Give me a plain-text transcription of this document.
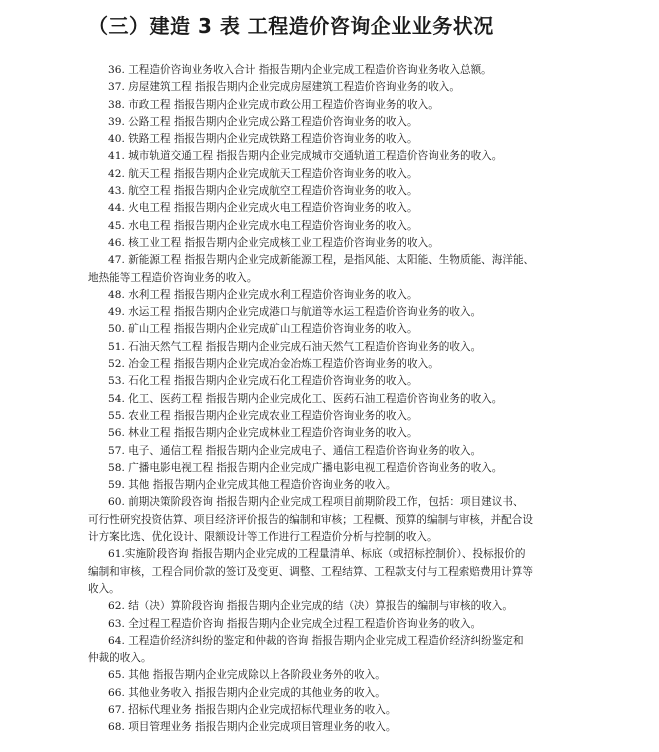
（三）建造 3 表 工程造价咨询企业业务状况
36. 工程造价咨询业务收入合计 指报告期内企业完成工程造价咨询业务收入总额。
37. 房屋建筑工程 指报告期内企业完成房屋建筑工程造价咨询业务的收入。
38. 市政工程 指报告期内企业完成市政公用工程造价咨询业务的收入。
39. 公路工程 指报告期内企业完成公路工程造价咨询业务的收入。
40. 铁路工程 指报告期内企业完成铁路工程造价咨询业务的收入。
41. 城市轨道交通工程 指报告期内企业完成城市交通轨道工程造价咨询业务的收入。
42. 航天工程 指报告期内企业完成航天工程造价咨询业务的收入。
43. 航空工程 指报告期内企业完成航空工程造价咨询业务的收入。
44. 火电工程 指报告期内企业完成火电工程造价咨询业务的收入。
45. 水电工程 指报告期内企业完成水电工程造价咨询业务的收入。
46. 核工业工程 指报告期内企业完成核工业工程造价咨询业务的收入。
47. 新能源工程 指报告期内企业完成新能源工程，是指风能、太阳能、生物质能、海洋能、
地热能等工程造价咨询业务的收入。
48. 水利工程 指报告期内企业完成水利工程造价咨询业务的收入。
49. 水运工程 指报告期内企业完成港口与航道等水运工程造价咨询业务的收入。
50. 矿山工程 指报告期内企业完成矿山工程造价咨询业务的收入。
51. 石油天然气工程 指报告期内企业完成石油天然气工程造价咨询业务的收入。
52. 冶金工程 指报告期内企业完成冶金冶炼工程造价咨询业务的收入。
53. 石化工程 指报告期内企业完成石化工程造价咨询业务的收入。
54. 化工、医药工程 指报告期内企业完成化工、医药石油工程造价咨询业务的收入。
55. 农业工程 指报告期内企业完成农业工程造价咨询业务的收入。
56. 林业工程 指报告期内企业完成林业工程造价咨询业务的收入。
57. 电子、通信工程 指报告期内企业完成电子、通信工程造价咨询业务的收入。
58. 广播电影电视工程 指报告期内企业完成广播电影电视工程造价咨询业务的收入。
59. 其他 指报告期内企业完成其他工程造价咨询业务的收入。
60. 前期决策阶段咨询 指报告期内企业完成工程项目前期阶段工作，包括：项目建议书、
可行性研究投资估算、项目经济评价报告的编制和审核；工程概、预算的编制与审核，并配合设
计方案比选、优化设计、限额设计等工作进行工程造价分析与控制的收入。
61.实施阶段咨询 指报告期内企业完成的工程量清单、标底（或招标控制价）、投标报价的
编制和审核，工程合同价款的签订及变更、调整、工程结算、工程款支付与工程索赔费用计算等
收入。
62. 结（决）算阶段咨询 指报告期内企业完成的结（决）算报告的编制与审核的收入。
63. 全过程工程造价咨询 指报告期内企业完成全过程工程造价咨询业务的收入。
64. 工程造价经济纠纷的鉴定和仲裁的咨询 指报告期内企业完成工程造价经济纠纷鉴定和
仲裁的收入。
65. 其他 指报告期内企业完成除以上各阶段业务外的收入。
66. 其他业务收入 指报告期内企业完成的其他业务的收入。
67. 招标代理业务 指报告期内企业完成招标代理业务的收入。
68. 项目管理业务 指报告期内企业完成项目管理业务的收入。
